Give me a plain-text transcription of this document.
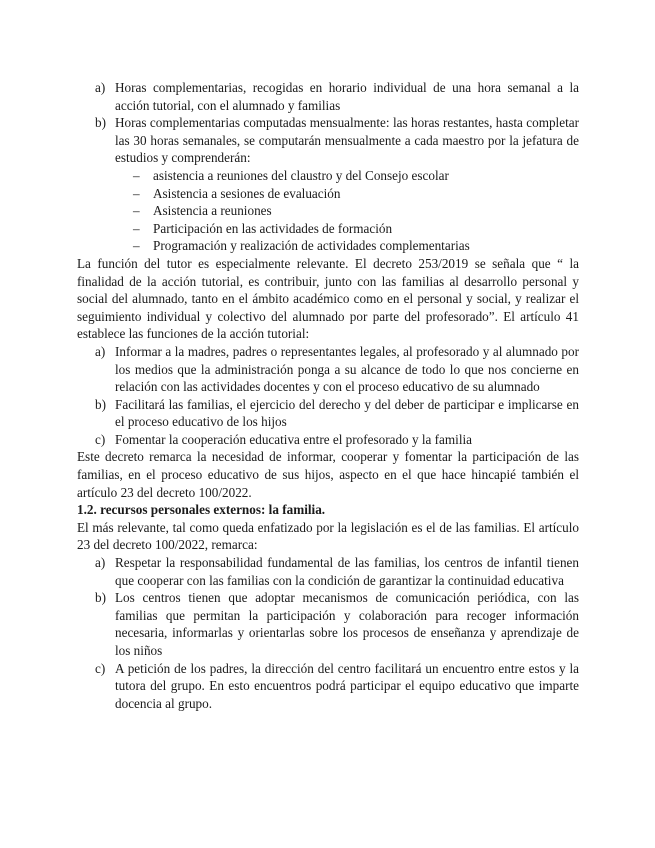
a) Horas complementarias, recogidas en horario individual de una hora semanal a la acción tutorial, con el alumnado y familias
b) Horas complementarias computadas mensualmente: las horas restantes, hasta completar las 30 horas semanales, se computarán mensualmente a cada maestro por la jefatura de estudios y comprenderán:
– asistencia a reuniones del claustro y del Consejo escolar
– Asistencia a sesiones de evaluación
– Asistencia a reuniones
– Participación en las actividades de formación
– Programación y realización de actividades complementarias

La función del tutor es especialmente relevante. El decreto 253/2019 se señala que “ la finalidad de la acción tutorial, es contribuir, junto con las familias al desarrollo personal y social del alumnado, tanto en el ámbito académico como en el personal y social, y realizar el seguimiento individual y colectivo del alumnado por parte del profesorado”. El artículo 41 establece las funciones de la acción tutorial:

a) Informar a la madres, padres o representantes legales, al profesorado y al alumnado por los medios que la administración ponga a su alcance de todo lo que nos concierne en relación con las actividades docentes y con el proceso educativo de su alumnado
b) Facilitará las familias, el ejercicio del derecho y del deber de participar e implicarse en el proceso educativo de los hijos
c) Fomentar la cooperación educativa entre el profesorado y la familia

Este decreto remarca la necesidad de informar, cooperar y fomentar la participación de las familias, en el proceso educativo de sus hijos, aspecto en el que hace hincapié también el artículo 23 del decreto 100/2022.

1.2. recursos personales externos: la familia.

El más relevante, tal como queda enfatizado por la legislación es el de las familias. El artículo 23 del decreto 100/2022, remarca:

a) Respetar la responsabilidad fundamental de las familias, los centros de infantil tienen que cooperar con las familias con la condición de garantizar la continuidad educativa
b) Los centros tienen que adoptar mecanismos de comunicación periódica, con las familias que permitan la participación y colaboración para recoger información necesaria, informarlas y orientarlas sobre los procesos de enseñanza y aprendizaje de los niños
c) A petición de los padres, la dirección del centro facilitará un encuentro entre estos y la tutora del grupo. En esto encuentros podrá participar el equipo educativo que imparte docencia al grupo.
